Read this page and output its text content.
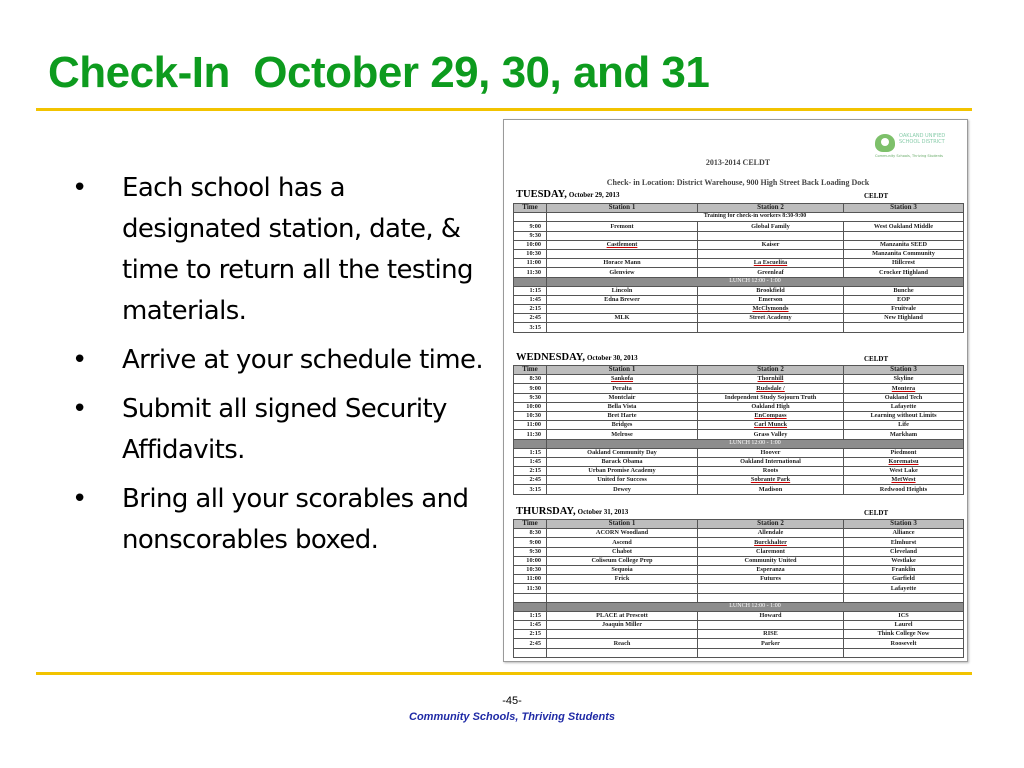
Check-In  October 29, 30, and 31
• Each school has a designated station, date, & time to return all the testing materials.
• Arrive at your schedule time.
• Submit all signed Security Affidavits.
• Bring all your scorables and nonscorables boxed.
OAKLAND UNIFIED SCHOOL DISTRICT
Community Schools, Thriving Students
2013-2014 CELDT
Check- in Location: District Warehouse, 900 High Street Back Loading Dock
TUESDAY, October 29, 2013	CELDT
Time	Station 1	Station 2	Station 3
	Training for check-in workers 8:30-9:00		
9:00	Fremont	Global Family	West Oakland Middle
9:30			
10:00	Castlemont	Kaiser	Manzanita SEED
10:30			Manzanita Community
11:00	Horace Mann	La Escuelita	Hillcrest
11:30	Glenview	Greenleaf	Crocker Highland
	LUNCH 12:00 - 1:00		
1:15	Lincoln	Brookfield	Bunche
1:45	Edna Brewer	Emerson	EOP
2:15		McClymonds	Fruitvale
2:45	MLK	Street Academy	New Highland
3:15			
WEDNESDAY, October 30, 2013	CELDT
Time	Station 1	Station 2	Station 3
8:30	Sankofa	Thornhill	Skyline
9:00	Peralta	Rudsdale /	Montera
9:30	Montclair	Independent Study Sojourn Truth	Oakland Tech
10:00	Bella Vista	Oakland High	Lafayette
10:30	Bret Harte	EnCompass	Learning without Limits
11:00	Bridges	Carl Munck	Life
11:30	Melrose	Grass Valley	Markham
	LUNCH 12:00 - 1:00		
1:15	Oakland Community Day	Hoover	Piedmont
1:45	Barack Obama	Oakland International	Korematsu
2:15	Urban Promise Academy	Roots	West Lake
2:45	United for Success	Sobrante Park	MetWest
3:15	Dewey	Madison	Redwood Heights
THURSDAY, October 31, 2013	CELDT
Time	Station 1	Station 2	Station 3
8:30	ACORN Woodland	Allendale	Alliance
9:00	Ascend	Burckhalter	Elmhurst
9:30	Chabot	Claremont	Cleveland
10:00	Coliseum College Prep	Community United	Westlake
10:30	Sequoia	Esperanza	Franklin
11:00	Frick	Futures	Garfield
11:30			Lafayette

	LUNCH 12:00 - 1:00		
1:15	PLACE at Prescott	Howard	ICS
1:45	Joaquin Miller		Laurel
2:15		RISE	Think College Now
2:45	Reach	Parker	Roosevelt

-45-
Community Schools, Thriving Students
